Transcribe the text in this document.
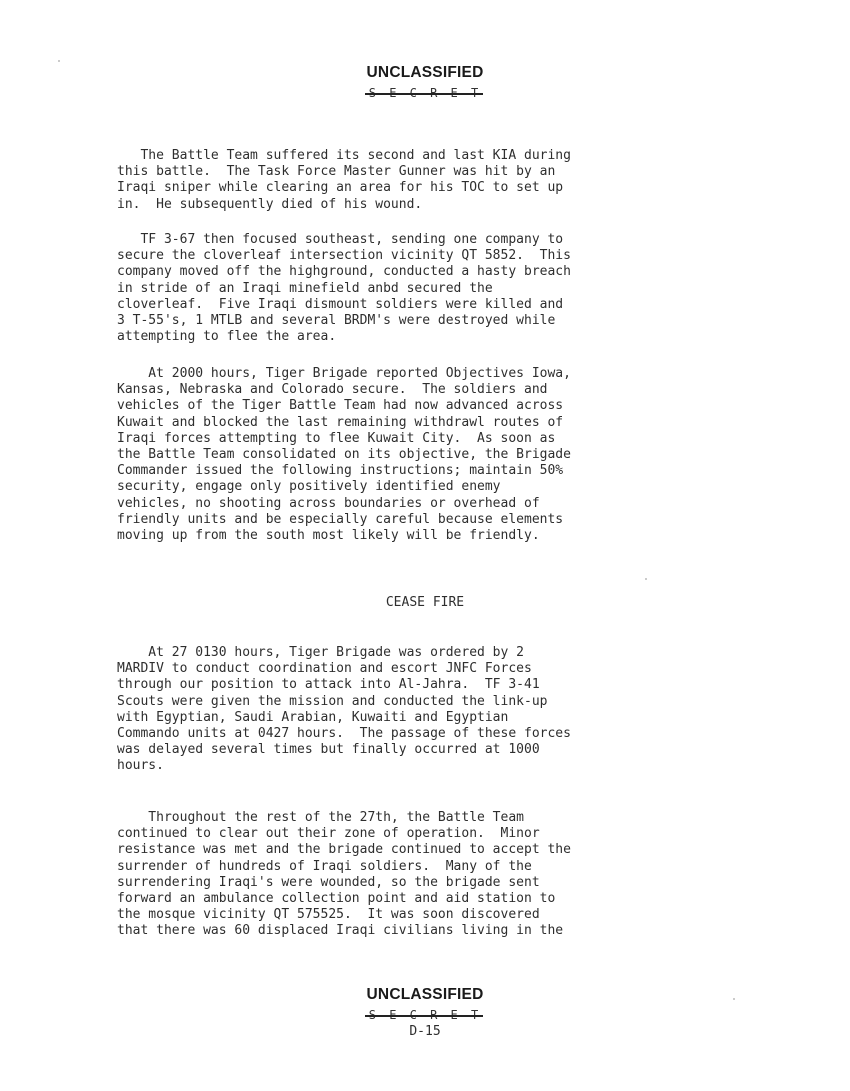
UNCLASSIFIED
S E C R E T
The Battle Team suffered its second and last KIA during
this battle.  The Task Force Master Gunner was hit by an
Iraqi sniper while clearing an area for his TOC to set up
in.  He subsequently died of his wound.
TF 3-67 then focused southeast, sending one company to
secure the cloverleaf intersection vicinity QT 5852.  This
company moved off the highground, conducted a hasty breach
in stride of an Iraqi minefield anbd secured the
cloverleaf.  Five Iraqi dismount soldiers were killed and
3 T-55's, 1 MTLB and several BRDM's were destroyed while
attempting to flee the area.
At 2000 hours, Tiger Brigade reported Objectives Iowa,
Kansas, Nebraska and Colorado secure.  The soldiers and
vehicles of the Tiger Battle Team had now advanced across
Kuwait and blocked the last remaining withdrawl routes of
Iraqi forces attempting to flee Kuwait City.  As soon as
the Battle Team consolidated on its objective, the Brigade
Commander issued the following instructions; maintain 50%
security, engage only positively identified enemy
vehicles, no shooting across boundaries or overhead of
friendly units and be especially careful because elements
moving up from the south most likely will be friendly.
CEASE FIRE
At 27 0130 hours, Tiger Brigade was ordered by 2
MARDIV to conduct coordination and escort JNFC Forces
through our position to attack into Al-Jahra.  TF 3-41
Scouts were given the mission and conducted the link-up
with Egyptian, Saudi Arabian, Kuwaiti and Egyptian
Commando units at 0427 hours.  The passage of these forces
was delayed several times but finally occurred at 1000
hours.
Throughout the rest of the 27th, the Battle Team
continued to clear out their zone of operation.  Minor
resistance was met and the brigade continued to accept the
surrender of hundreds of Iraqi soldiers.  Many of the
surrendering Iraqi's were wounded, so the brigade sent
forward an ambulance collection point and aid station to
the mosque vicinity QT 575525.  It was soon discovered
that there was 60 displaced Iraqi civilians living in the
UNCLASSIFIED
S E C R E T
D-15
